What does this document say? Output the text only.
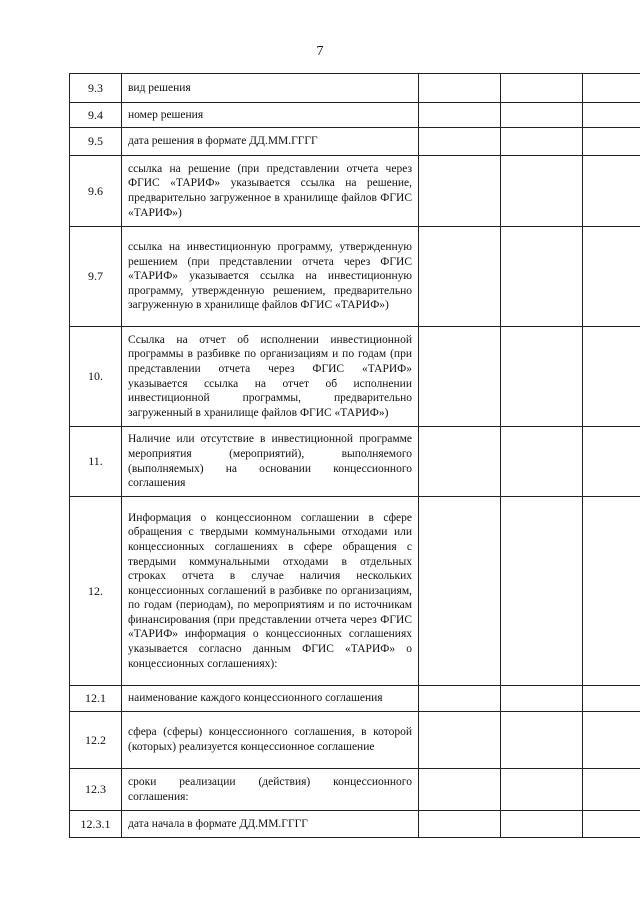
7
9.3	вид решения			
9.4	номер решения			
9.5	дата решения в формате ДД.ММ.ГГГГ			
9.6	ссылка на решение (при представлении отчета через ФГИС «ТАРИФ» указывается ссылка на решение, предварительно загруженное в хранилище файлов ФГИС «ТАРИФ»)			
9.7	ссылка на инвестиционную программу, утвержденную решением (при представлении отчета через ФГИС «ТАРИФ» указывается ссылка на инвестиционную программу, утвержденную решением, предварительно загруженную в хранилище файлов ФГИС «ТАРИФ»)			
10.	Ссылка на отчет об исполнении инвестиционной программы в разбивке по организациям и по годам (при представлении отчета через ФГИС «ТАРИФ» указывается ссылка на отчет об исполнении инвестиционной программы, предварительно загруженный в хранилище файлов ФГИС «ТАРИФ»)			
11.	Наличие или отсутствие в инвестиционной программе мероприятия (мероприятий), выполняемого (выполняемых) на основании концессионного соглашения			
12.	Информация о концессионном соглашении в сфере обращения с твердыми коммунальными отходами или концессионных соглашениях в сфере обращения с твердыми коммунальными отходами в отдельных строках отчета в случае наличия нескольких концессионных соглашений в разбивке по организациям, по годам (периодам), по мероприятиям и по источникам финансирования (при представлении отчета через ФГИС «ТАРИФ» информация о концессионных соглашениях указывается согласно данным ФГИС «ТАРИФ» о концессионных соглашениях):			
12.1	наименование каждого концессионного соглашения			
12.2	сфера (сферы) концессионного соглашения, в которой (которых) реализуется концессионное соглашение			
12.3	сроки реализации (действия) концессионного соглашения:			
12.3.1	дата начала в формате ДД.ММ.ГГГГ			
